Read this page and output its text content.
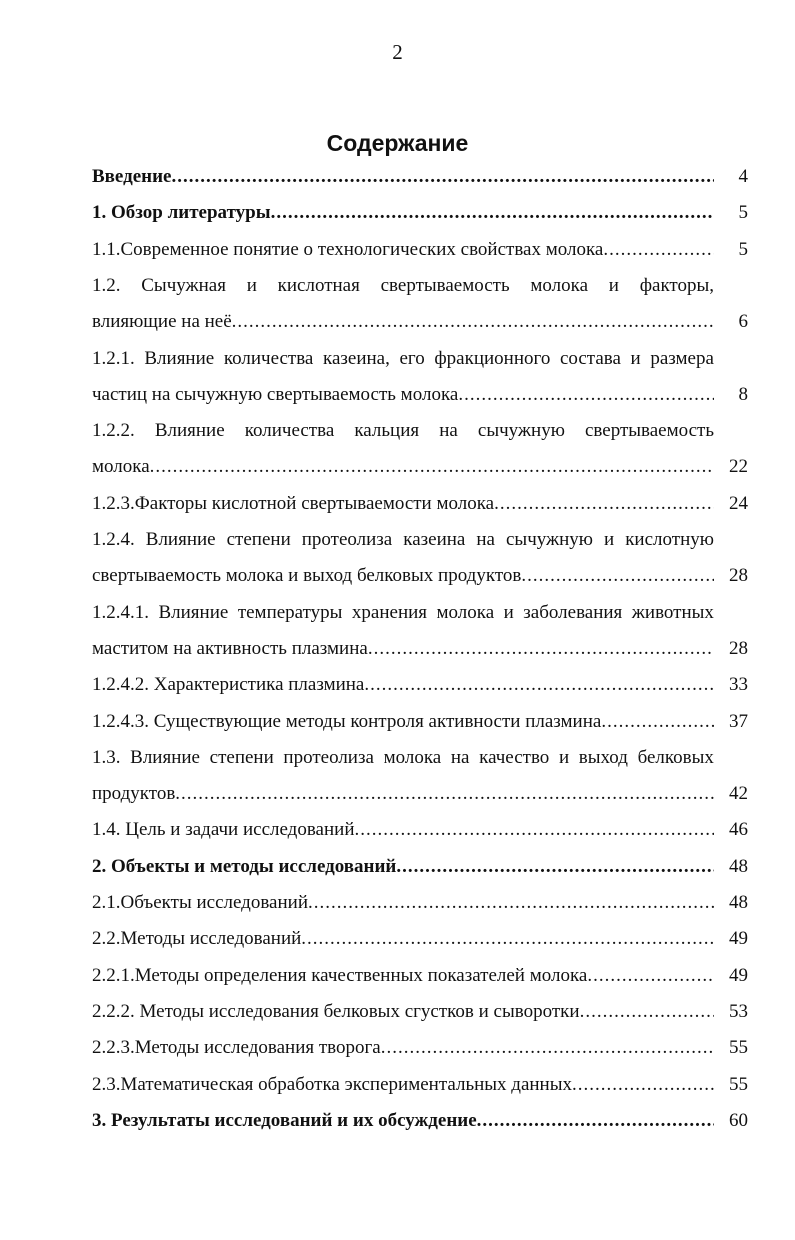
2
Содержание
4
Введение
.....
5
1. Обзор литературы
.....
5
1.1.Современное понятие о технологических свойствах молока
.....
1.2. Сычужная и кислотная свертываемость молока и факторы,
6
влияющие на неё
.....
1.2.1. Влияние количества казеина, его фракционного состава и размера
8
частиц на сычужную свертываемость молока
.....
1.2.2. Влияние количества кальция на сычужную свертываемость
22
молока
.....
24
1.2.3.Факторы кислотной свертываемости молока
.....
1.2.4. Влияние степени протеолиза казеина на сычужную и кислотную
28
свертываемость молока и выход белковых продуктов
.....
1.2.4.1. Влияние температуры хранения молока и заболевания животных
28
маститом на активность плазмина
.....
33
1.2.4.2. Характеристика плазмина
.....
37
1.2.4.3. Существующие методы контроля активности плазмина
.....
1.3. Влияние степени протеолиза молока на качество и выход белковых
42
продуктов
.....
46
1.4. Цель и задачи исследований
.....
48
2. Объекты и методы исследований
.....
48
2.1.Объекты исследований
.....
49
2.2.Методы исследований
.....
49
2.2.1.Методы определения качественных показателей молока
.....
53
2.2.2. Методы исследования белковых сгустков и сыворотки
.....
55
2.2.3.Методы исследования творога
.....
55
2.3.Математическая обработка экспериментальных данных
.....
60
3. Результаты исследований и их обсуждение
.....
